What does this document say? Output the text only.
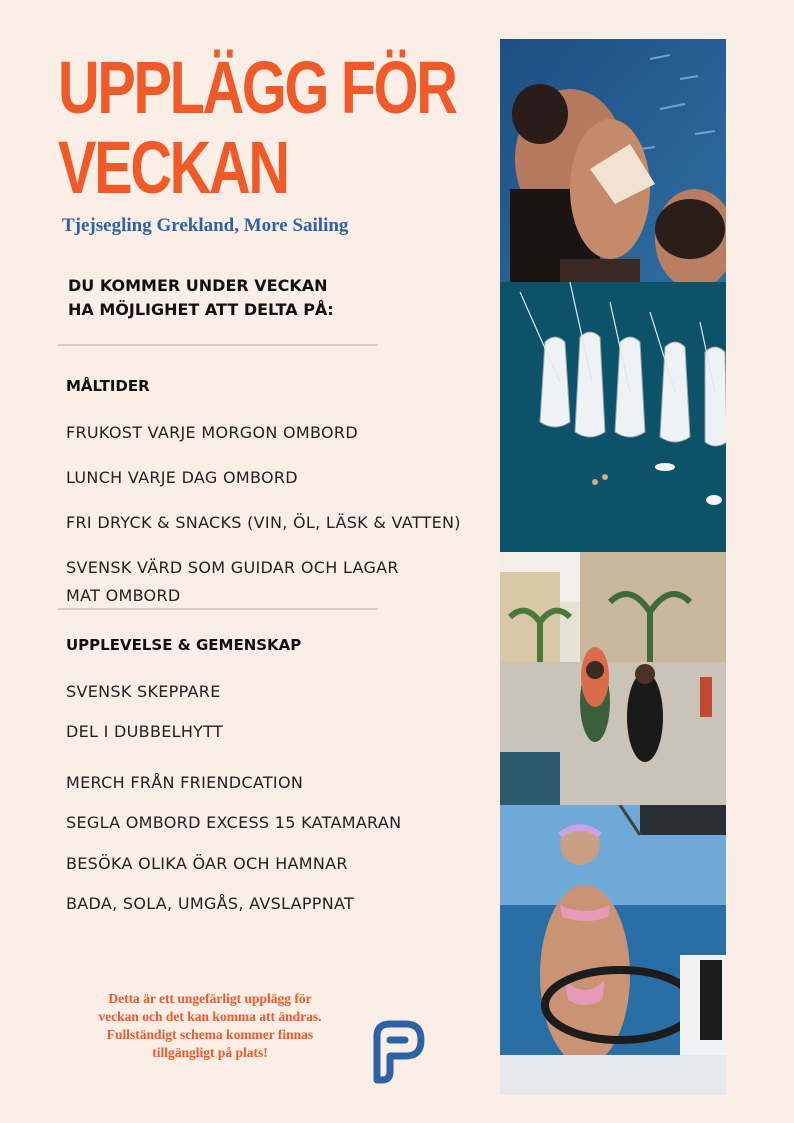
UPPLÄGG FÖR
VECKAN
Tjejsegling Grekland, More Sailing
DU KOMMER UNDER VECKAN
HA MÖJLIGHET ATT DELTA PÅ:
MÅLTIDER
FRUKOST VARJE MORGON OMBORD
LUNCH VARJE DAG OMBORD
FRI DRYCK & SNACKS (VIN, ÖL, LÄSK & VATTEN)
SVENSK VÄRD SOM GUIDAR OCH LAGAR
MAT OMBORD
UPPLEVELSE & GEMENSKAP
SVENSK SKEPPARE
DEL I DUBBELHYTT
MERCH FRÅN FRIENDCATION
SEGLA OMBORD EXCESS 15 KATAMARAN
BESÖKA OLIKA ÖAR OCH HAMNAR
BADA, SOLA, UMGÅS, AVSLAPPNAT
Detta är ett ungefärligt upplägg för
veckan och det kan komma att ändras.
Fullständigt schema kommer finnas
tillgängligt på plats!
